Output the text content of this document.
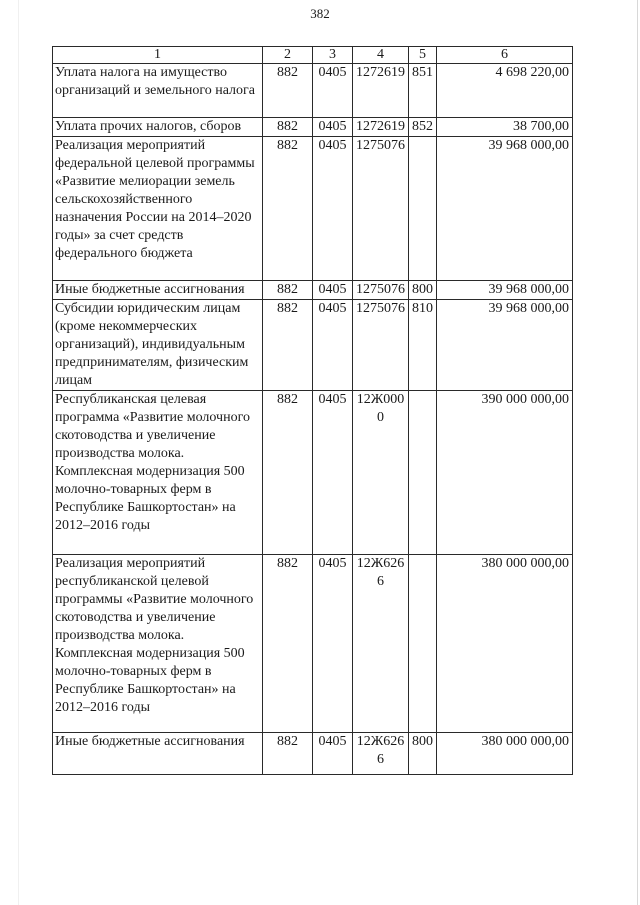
382
1	2	3	4	5	6
Уплата налога на имущество организаций и земельного налога	882	0405	1272619	851	4 698 220,00
Уплата прочих налогов, сборов	882	0405	1272619	852	38 700,00
Реализация мероприятий федеральной целевой программы «Развитие мелиорации земель сельскохозяйственного назначения России на 2014–2020 годы» за счет средств федерального бюджета	882	0405	1275076		39 968 000,00
Иные бюджетные ассигнования	882	0405	1275076	800	39 968 000,00
Субсидии юридическим лицам (кроме некоммерческих организаций), индивидуальным предпринимателям, физическим лицам	882	0405	1275076	810	39 968 000,00
Республиканская целевая программа «Развитие молочного скотоводства и увеличение производства молока. Комплексная модернизация 500 молочно-товарных ферм в Республике Башкортостан» на 2012–2016 годы	882	0405	12Ж0000		390 000 000,00
Реализация мероприятий республиканской целевой программы «Развитие молочного скотоводства и увеличение производства молока. Комплексная модернизация 500 молочно-товарных ферм в Республике Башкортостан» на 2012–2016 годы	882	0405	12Ж6266		380 000 000,00
Иные бюджетные ассигнования	882	0405	12Ж6266	800	380 000 000,00
